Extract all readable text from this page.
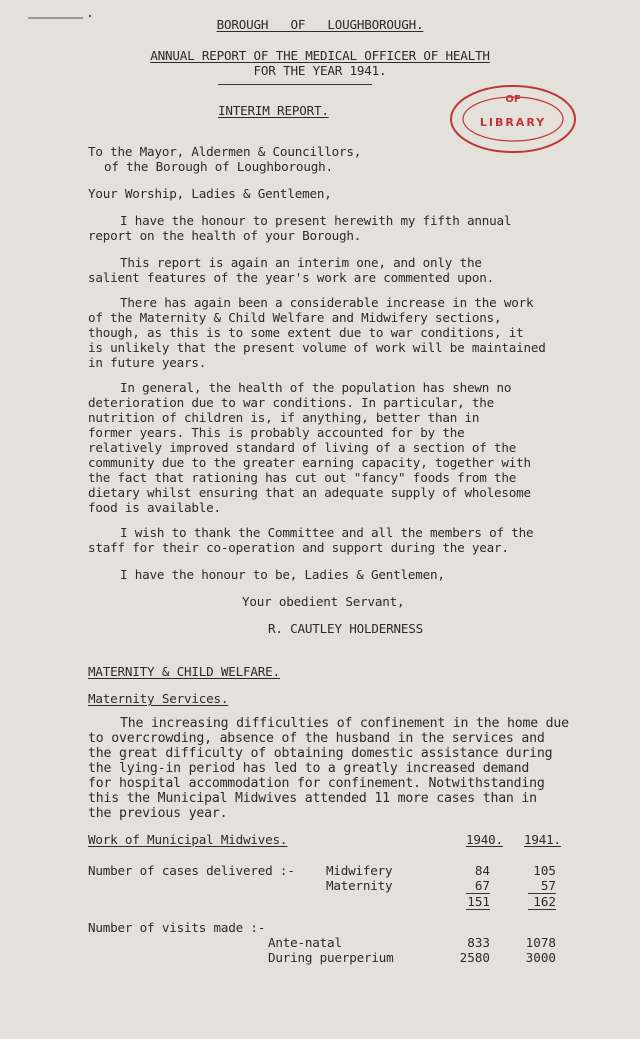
BOROUGH   OF   LOUGHBOROUGH.
ANNUAL REPORT OF THE MEDICAL OFFICER OF HEALTH
FOR THE YEAR 1941.
INTERIM REPORT.
OF
LIBRARY
To the Mayor, Aldermen & Councillors,
of the Borough of Loughborough.
Your Worship, Ladies & Gentlemen,
I have the honour to present herewith my fifth annual
report on the health of your Borough.
This report is again an interim one, and only the
salient features of the year's work are commented upon.
There has again been a considerable increase in the work
of the Maternity & Child Welfare and Midwifery sections,
though, as this is to some extent due to war conditions, it
is unlikely that the present volume of work will be maintained
in future years.
In general, the health of the population has shewn no
deterioration due to war conditions. In particular, the
nutrition of children is, if anything, better than in
former years. This is probably accounted for by the
relatively improved standard of living of a section of the
community due to the greater earning capacity, together with
the fact that rationing has cut out "fancy" foods from the
dietary whilst ensuring that an adequate supply of wholesome
food is available.
I wish to thank the Committee and all the members of the
staff for their co-operation and support during the year.
I have the honour to be, Ladies & Gentlemen,
Your obedient Servant,
R. CAUTLEY HOLDERNESS
MATERNITY & CHILD WELFARE.
Maternity Services.
The increasing difficulties of confinement in the home due
to overcrowding, absence of the husband in the services and
the great difficulty of obtaining domestic assistance during
the lying-in period has led to a greatly increased demand
for hospital accommodation for confinement. Notwithstanding
this the Municipal Midwives attended 11 more cases than in
the previous year.
Work of Municipal Midwives.	1940. 1941.
Number of cases delivered :- Midwifery	84	105
Maternity	67	57
151	162
Number of visits made :-
Ante-natal	833	1078
During puerperium	2580	3000
